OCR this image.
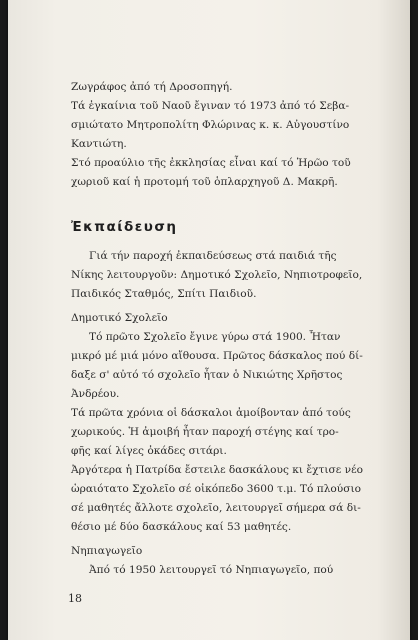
Ζωγράφος ἀπό τή Δροσοπηγή.

Τά ἐγκαίνια τοῦ Ναοῦ ἔγιναν τό 1973 ἀπό τό Σεβα-
σμιώτατο Μητροπολίτη Φλώρινας κ. κ. Αὐγουστίνο
Καντιώτη.

Στό προαύλιο τῆς ἐκκλησίας εἶναι καί τό Ἡρῶο τοῦ
χωριοῦ καί ἡ προτομή τοῦ ὁπλαρχηγοῦ Δ. Μακρῆ.

Ἐκπαίδευση

Γιά τήν παροχή ἐκπαιδεύσεως στά παιδιά τῆς
Νίκης λειτουργοῦν: Δημοτικό Σχολεῖο, Νηπιοτροφεῖο,
Παιδικός Σταθμός, Σπίτι Παιδιοῦ.

Δημοτικό Σχολεῖο

Τό πρῶτο Σχολεῖο ἔγινε γύρω στά 1900. Ἦταν
μικρό μέ μιά μόνο αἴθουσα. Πρῶτος δάσκαλος πού δί-
δαξε σ' αὐτό τό σχολεῖο ἦταν ὁ Νικιώτης Χρῆστος
Ἀνδρέου.

Τά πρῶτα χρόνια οἱ δάσκαλοι ἀμοίβονταν ἀπό τούς
χωρικούς. Ἡ ἀμοιβή ἦταν παροχή στέγης καί τρο-
φῆς καί λίγες ὀκάδες σιτάρι.

Ἀργότερα ἡ Πατρίδα ἔστειλε δασκάλους κι ἔχτισε νέο
ὡραιότατο Σχολεῖο σέ οἰκόπεδο 3600 τ.μ. Τό πλούσιο
σέ μαθητές ἄλλοτε σχολεῖο, λειτουργεῖ σήμερα σά δι-
θέσιο μέ δύο δασκάλους καί 53 μαθητές.

Νηπιαγωγεῖο

Ἀπό τό 1950 λειτουργεῖ τό Νηπιαγωγεῖο, πού

18
